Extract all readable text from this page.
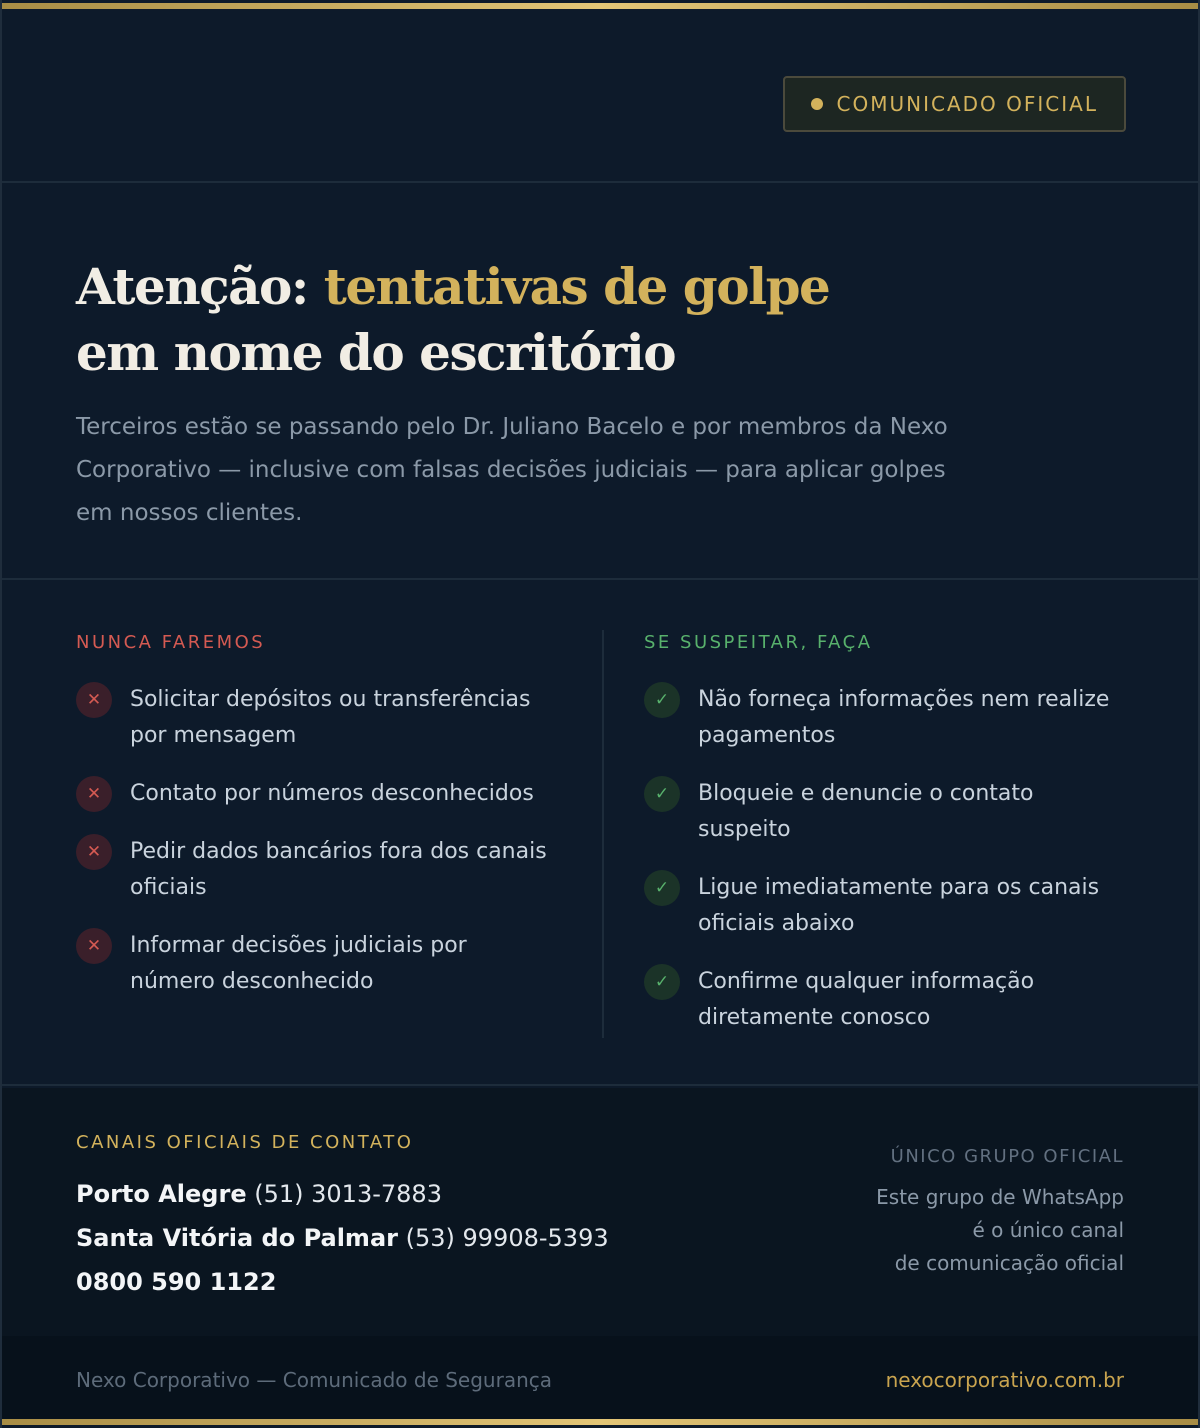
COMUNICADO OFICIAL
Atenção: tentativas de golpe
em nome do escritório

Terceiros estão se passando pelo Dr. Juliano Bacelo e por membros da Nexo
Corporativo — inclusive com falsas decisões judiciais — para aplicar golpes
em nossos clientes.

NUNCA FAREMOS
✕	Solicitar depósitos ou transferências
por mensagem
✕	Contato por números desconhecidos
✕	Pedir dados bancários fora dos canais
oficiais
✕	Informar decisões judiciais por
número desconhecido
SE SUSPEITAR, FAÇA
✓	Não forneça informações nem realize
pagamentos
✓	Bloqueie e denuncie o contato
suspeito
✓	Ligue imediatamente para os canais
oficiais abaixo
✓	Confirme qualquer informação
diretamente conosco
CANAIS OFICIAIS DE CONTATO
Porto Alegre (51) 3013-7883
Santa Vitória do Palmar (53) 99908-5393
0800 590 1122
ÚNICO GRUPO OFICIAL
Este grupo de WhatsApp
é o único canal
de comunicação oficial
Nexo Corporativo — Comunicado de Segurança	nexocorporativo.com.br
